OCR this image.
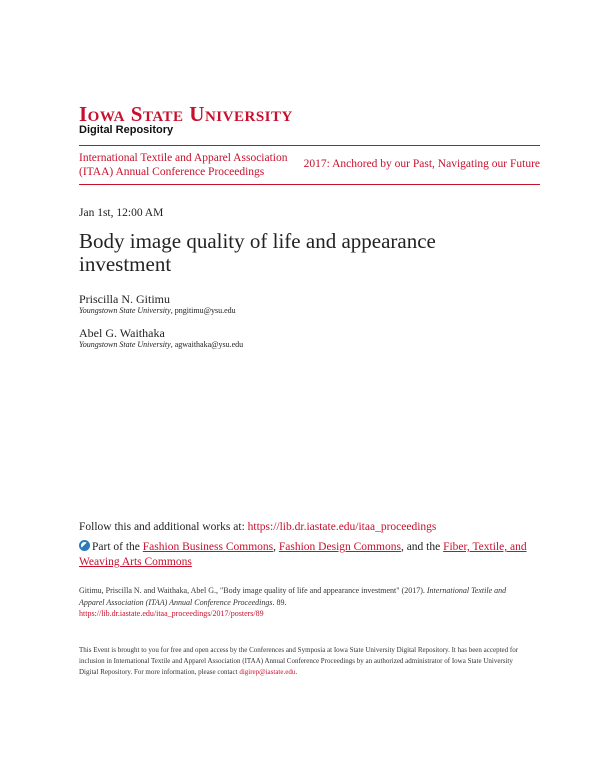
Iowa State University
Digital Repository
International Textile and Apparel Association (ITAA) Annual Conference Proceedings
2017: Anchored by our Past, Navigating our Future
Jan 1st, 12:00 AM
Body image quality of life and appearance investment
Priscilla N. Gitimu
Youngstown State University, pngitimu@ysu.edu
Abel G. Waithaka
Youngstown State University, agwaithaka@ysu.edu
Follow this and additional works at: https://lib.dr.iastate.edu/itaa_proceedings
Part of the Fashion Business Commons, Fashion Design Commons, and the Fiber, Textile, and Weaving Arts Commons
Gitimu, Priscilla N. and Waithaka, Abel G., "Body image quality of life and appearance investment" (2017). International Textile and Apparel Association (ITAA) Annual Conference Proceedings. 89.
https://lib.dr.iastate.edu/itaa_proceedings/2017/posters/89
This Event is brought to you for free and open access by the Conferences and Symposia at Iowa State University Digital Repository. It has been accepted for inclusion in International Textile and Apparel Association (ITAA) Annual Conference Proceedings by an authorized administrator of Iowa State University Digital Repository. For more information, please contact digirep@iastate.edu.
